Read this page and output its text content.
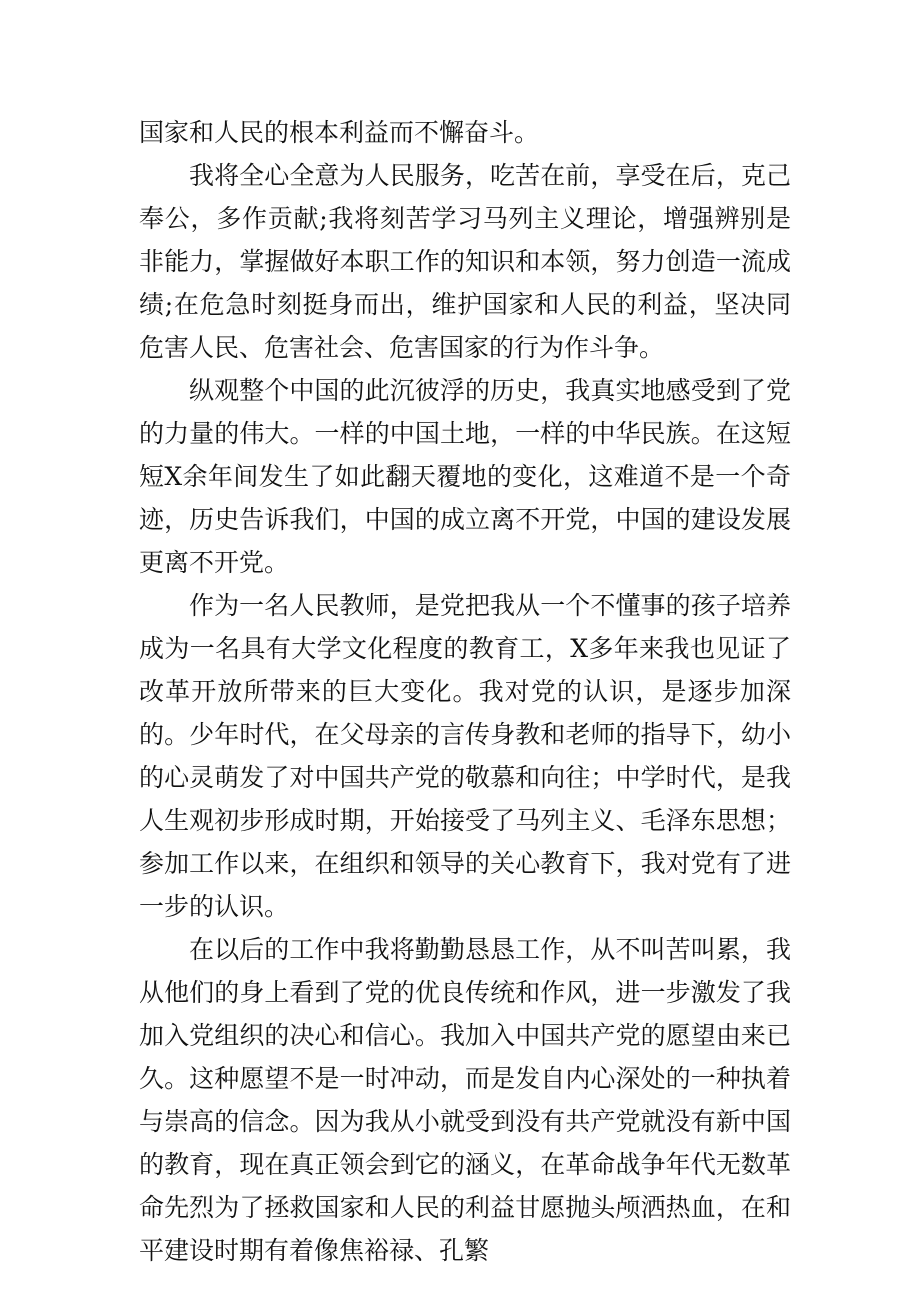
国家和人民的根本利益而不懈奋斗。

我将全心全意为人民服务，吃苦在前，享受在后，克己奉公，多作贡献;我将刻苦学习马列主义理论，增强辨别是非能力，掌握做好本职工作的知识和本领，努力创造一流成绩;在危急时刻挺身而出，维护国家和人民的利益，坚决同危害人民、危害社会、危害国家的行为作斗争。

纵观整个中国的此沉彼浮的历史，我真实地感受到了党的力量的伟大。一样的中国土地，一样的中华民族。在这短短X余年间发生了如此翻天覆地的变化，这难道不是一个奇迹，历史告诉我们，中国的成立离不开党，中国的建设发展更离不开党。

作为一名人民教师，是党把我从一个不懂事的孩子培养成为一名具有大学文化程度的教育工，X多年来我也见证了改革开放所带来的巨大变化。我对党的认识，是逐步加深的。少年时代，在父母亲的言传身教和老师的指导下，幼小的心灵萌发了对中国共产党的敬慕和向往；中学时代，是我人生观初步形成时期，开始接受了马列主义、毛泽东思想；参加工作以来，在组织和领导的关心教育下，我对党有了进一步的认识。

在以后的工作中我将勤勤恳恳工作，从不叫苦叫累，我从他们的身上看到了党的优良传统和作风，进一步激发了我加入党组织的决心和信心。我加入中国共产党的愿望由来已久。这种愿望不是一时冲动，而是发自内心深处的一种执着与崇高的信念。因为我从小就受到没有共产党就没有新中国的教育，现在真正领会到它的涵义，在革命战争年代无数革命先烈为了拯救国家和人民的利益甘愿抛头颅洒热血，在和平建设时期有着像焦裕禄、孔繁
